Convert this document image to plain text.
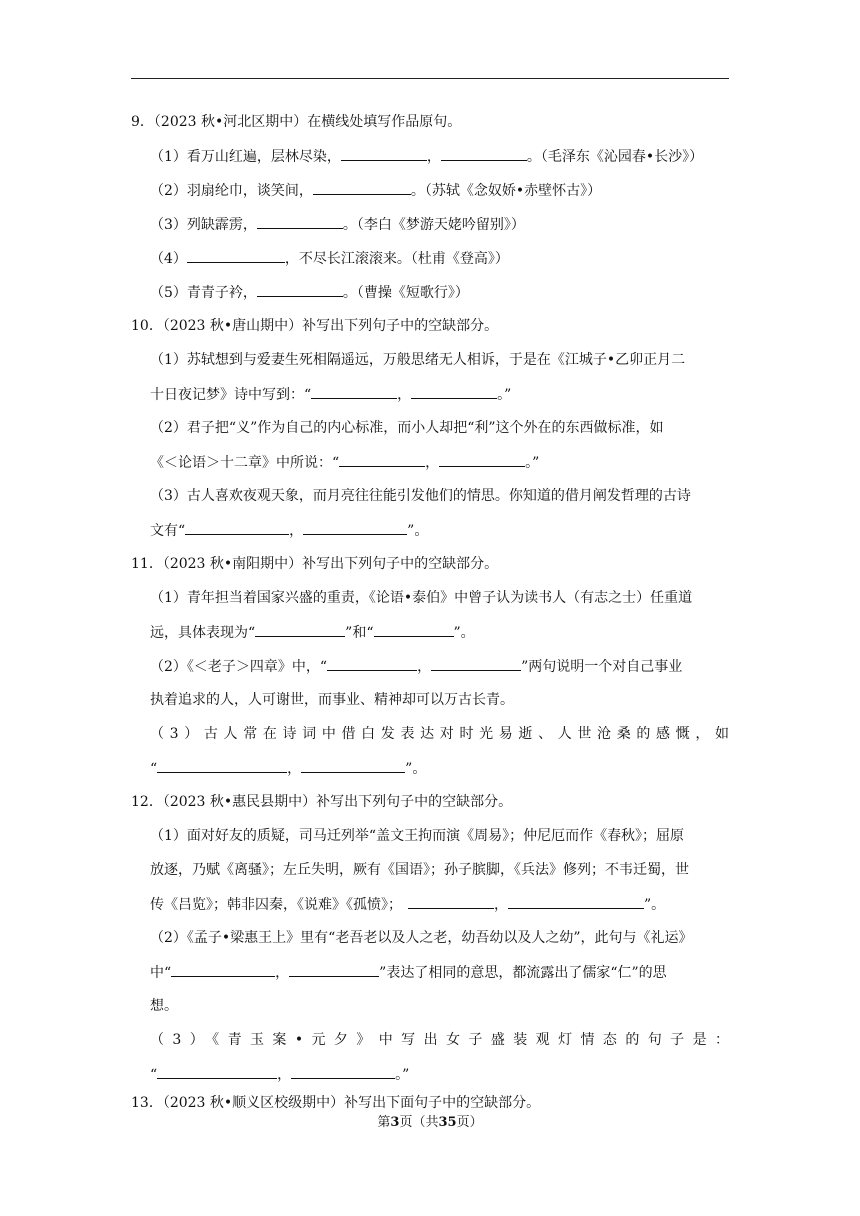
9．（2023 秋•河北区期中）在横线处填写作品原句。
（1）看万山红遍，层林尽染，	，	。（毛泽东《沁园春•长沙》）
（2）羽扇纶巾，谈笑间，	。（苏轼《念奴娇•赤壁怀古》）
（3）列缺霹雳，	。（李白《梦游天姥吟留别》）
（4）	，不尽长江滚滚来。（杜甫《登高》）
（5）青青子衿，	。（曹操《短歌行》）
10．（2023 秋•唐山期中）补写出下列句子中的空缺部分。
（1）苏轼想到与爱妻生死相隔遥远，万般思绪无人相诉，于是在《江城子•乙卯正月二
十日夜记梦》诗中写到：“	，	。”
（2）君子把“义”作为自己的内心标准，而小人却把“利”这个外在的东西做标准，如
《＜论语＞十二章》中所说：“	，	。”
（3）古人喜欢夜观天象，而月亮往往能引发他们的情思。你知道的借月阐发哲理的古诗
文有“	，	”。
11．（2023 秋•南阳期中）补写出下列句子中的空缺部分。
（1）青年担当着国家兴盛的重责，《论语•泰伯》中曾子认为读书人（有志之士）任重道
远，具体表现为“	”和“	”。
（2）《＜老子＞四章》中，“	，	”两句说明一个对自己事业
执着追求的人，人可谢世，而事业、精神却可以万古长青。
（3）古人常在诗词中借白发表达对时光易逝、人世沧桑的感慨，如
“	，	”。
12．（2023 秋•惠民县期中）补写出下列句子中的空缺部分。
（1）面对好友的质疑，司马迁列举“盖文王拘而演《周易》；仲尼厄而作《春秋》；屈原
放逐，乃赋《离骚》；左丘失明，厥有《国语》；孙子膑脚，《兵法》修列；不韦迁蜀，世
传《吕览》；韩非囚秦，《说难》《孤愤》；	，	”。
（2）《孟子•梁惠王上》里有“老吾老以及人之老，幼吾幼以及人之幼”，此句与《礼运》
中“	，	”表达了相同的意思，都流露出了儒家“仁”的思
想。
（3）《青玉案•元夕》中写出女子盛装观灯情态的句子是：
“	，	。”
13．（2023 秋•顺义区校级期中）补写出下面句子中的空缺部分。
第3页（共35页）
